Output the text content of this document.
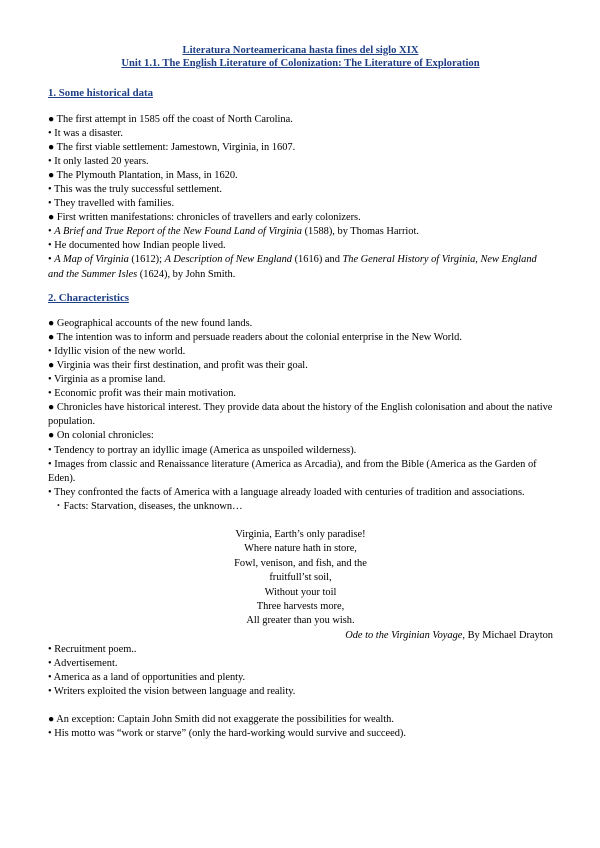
Literatura Norteamericana hasta fines del siglo XIX
Unit 1.1. The English Literature of Colonization: The Literature of Exploration
1. Some historical data
● The first attempt in 1585 off the coast of North Carolina.
• It was a disaster.
● The first viable settlement: Jamestown, Virginia, in 1607.
• It only lasted 20 years.
● The Plymouth Plantation, in Mass, in 1620.
• This was the truly successful settlement.
• They travelled with families.
● First written manifestations: chronicles of travellers and early colonizers.
• A Brief and True Report of the New Found Land of Virginia (1588), by Thomas Harriot.
• He documented how Indian people lived.
• A Map of Virginia (1612); A Description of New England (1616) and The General History of Virginia, New England and the Summer Isles (1624), by John Smith.
2. Characteristics
● Geographical accounts of the new found lands.
● The intention was to inform and persuade readers about the colonial enterprise in the New World.
• Idyllic vision of the new world.
● Virginia was their first destination, and profit was their goal.
• Virginia as a promise land.
• Economic profit was their main motivation.
● Chronicles have historical interest. They provide data about the history of the English colonisation and about the native population.
● On colonial chronicles:
• Tendency to portray an idyllic image (America as unspoiled wilderness).
• Images from classic and Renaissance literature (America as Arcadia), and from the Bible (America as the Garden of Eden).
• They confronted the facts of America with a language already loaded with centuries of tradition and associations.
・Facts: Starvation, diseases, the unknown…
Virginia, Earth’s only paradise!
Where nature hath in store,
Fowl, venison, and fish, and the
fruitfull’st soil,
Without your toil
Three harvests more,
All greater than you wish.
Ode to the Virginian Voyage, By Michael Drayton
• Recruitment poem..
• Advertisement.
• America as a land of opportunities and plenty.
• Writers exploited the vision between language and reality.
● An exception: Captain John Smith did not exaggerate the possibilities for wealth.
• His motto was “work or starve” (only the hard-working would survive and succeed).
